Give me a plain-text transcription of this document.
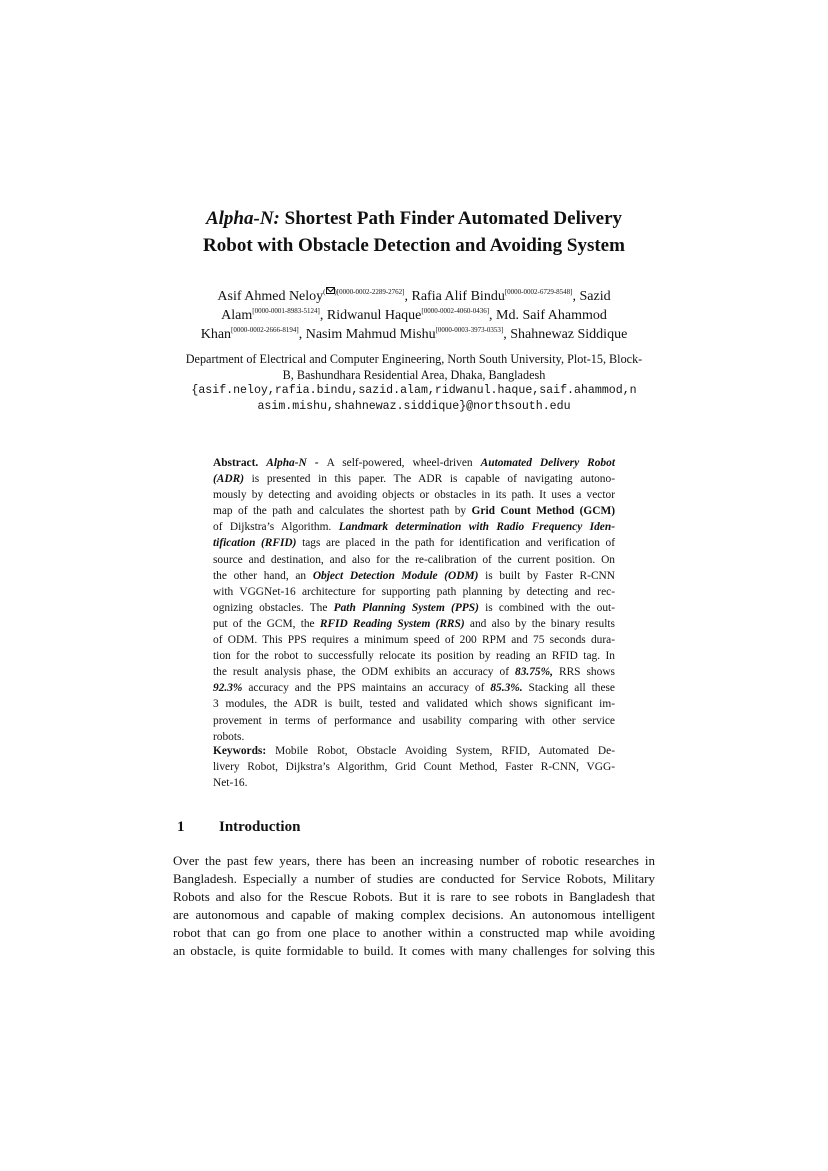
Alpha-N: Shortest Path Finder Automated Delivery
Robot with Obstacle Detection and Avoiding System
Asif Ahmed Neloy$^{( )[0000-0002-2289-2762]}$, Rafia Alif Bindu[0000-0002-6729-8548], Sazid
Alam[0000-0001-8983-5124], Ridwanul Haque[0000-0002-4060-0436], Md. Saif Ahammod
Khan[0000-0002-2666-8194], Nasim Mahmud Mishu[0000-0003-3973-0353], Shahnewaz Siddique
Department of Electrical and Computer Engineering, North South University, Plot-15, Block-
B, Bashundhara Residential Area, Dhaka, Bangladesh
{asif.neloy,rafia.bindu,sazid.alam,ridwanul.haque,saif.ahammod,n
asim.mishu,shahnewaz.siddique}@northsouth.edu
Abstract. Alpha-N - A self-powered, wheel-driven Automated Delivery Robot
(ADR) is presented in this paper. The ADR is capable of navigating autono-
mously by detecting and avoiding objects or obstacles in its path. It uses a vector
map of the path and calculates the shortest path by Grid Count Method (GCM)
of Dijkstra’s Algorithm. Landmark determination with Radio Frequency Iden-
tification (RFID) tags are placed in the path for identification and verification of
source and destination, and also for the re-calibration of the current position. On
the other hand, an Object Detection Module (ODM) is built by Faster R-CNN
with VGGNet-16 architecture for supporting path planning by detecting and rec-
ognizing obstacles. The Path Planning System (PPS) is combined with the out-
put of the GCM, the RFID Reading System (RRS) and also by the binary results
of ODM. This PPS requires a minimum speed of 200 RPM and 75 seconds dura-
tion for the robot to successfully relocate its position by reading an RFID tag. In
the result analysis phase, the ODM exhibits an accuracy of 83.75%, RRS shows
92.3% accuracy and the PPS maintains an accuracy of 85.3%. Stacking all these
3 modules, the ADR is built, tested and validated which shows significant im-
provement in terms of performance and usability comparing with other service
robots.
Keywords: Mobile Robot, Obstacle Avoiding System, RFID, Automated De-
livery Robot, Dijkstra’s Algorithm, Grid Count Method, Faster R-CNN, VGG-
Net-16.
1 Introduction
Over the past few years, there has been an increasing number of robotic researches in
Bangladesh. Especially a number of studies are conducted for Service Robots, Military
Robots and also for the Rescue Robots. But it is rare to see robots in Bangladesh that
are autonomous and capable of making complex decisions. An autonomous intelligent
robot that can go from one place to another within a constructed map while avoiding
an obstacle, is quite formidable to build. It comes with many challenges for solving this
